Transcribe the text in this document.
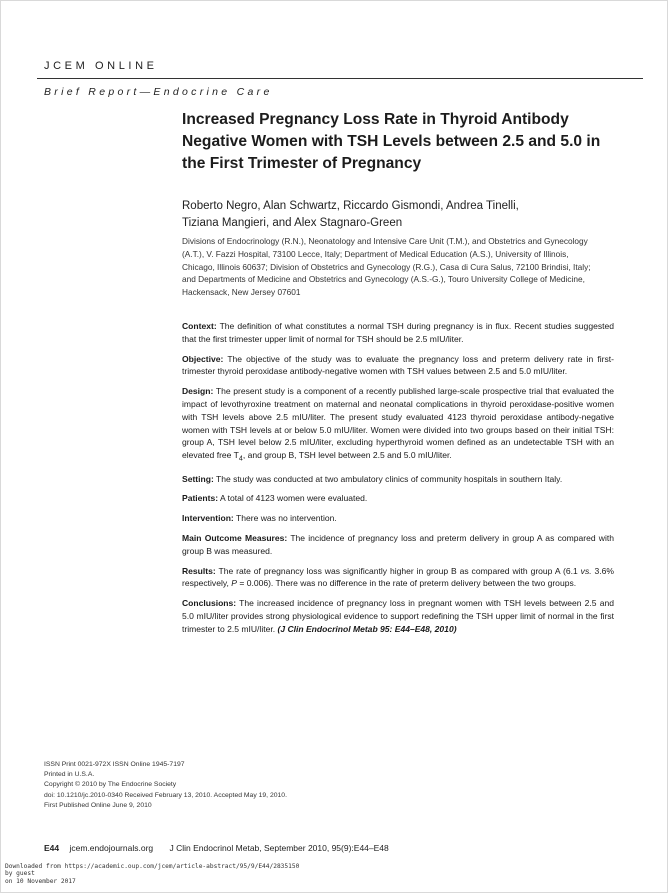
JCEM ONLINE
Brief Report—Endocrine Care
Increased Pregnancy Loss Rate in Thyroid Antibody Negative Women with TSH Levels between 2.5 and 5.0 in the First Trimester of Pregnancy
Roberto Negro, Alan Schwartz, Riccardo Gismondi, Andrea Tinelli,
Tiziana Mangieri, and Alex Stagnaro-Green
Divisions of Endocrinology (R.N.), Neonatology and Intensive Care Unit (T.M.), and Obstetrics and Gynecology (A.T.), V. Fazzi Hospital, 73100 Lecce, Italy; Department of Medical Education (A.S.), University of Illinois, Chicago, Illinois 60637; Division of Obstetrics and Gynecology (R.G.), Casa di Cura Salus, 72100 Brindisi, Italy; and Departments of Medicine and Obstetrics and Gynecology (A.S.-G.), Touro University College of Medicine, Hackensack, New Jersey 07601

Context: The definition of what constitutes a normal TSH during pregnancy is in flux. Recent studies suggested that the first trimester upper limit of normal for TSH should be 2.5 mIU/liter.

Objective: The objective of the study was to evaluate the pregnancy loss and preterm delivery rate in first-trimester thyroid peroxidase antibody-negative women with TSH values between 2.5 and 5.0 mIU/liter.

Design: The present study is a component of a recently published large-scale prospective trial that evaluated the impact of levothyroxine treatment on maternal and neonatal complications in thyroid peroxidase-positive women with TSH levels above 2.5 mIU/liter. The present study evaluated 4123 thyroid peroxidase antibody-negative women with TSH levels at or below 5.0 mIU/liter. Women were divided into two groups based on their initial TSH: group A, TSH level below 2.5 mIU/liter, excluding hyperthyroid women defined as an undetectable TSH with an elevated free $T_4$, and group B, TSH level between 2.5 and 5.0 mIU/liter.

Setting: The study was conducted at two ambulatory clinics of community hospitals in southern Italy.

Patients: A total of 4123 women were evaluated.

Intervention: There was no intervention.

Main Outcome Measures: The incidence of pregnancy loss and preterm delivery in group A as compared with group B was measured.

Results: The rate of pregnancy loss was significantly higher in group B as compared with group A (6.1 vs. 3.6% respectively, P = 0.006). There was no difference in the rate of preterm delivery between the two groups.

Conclusions: The increased incidence of pregnancy loss in pregnant women with TSH levels between 2.5 and 5.0 mIU/liter provides strong physiological evidence to support redefining the TSH upper limit of normal in the first trimester to 2.5 mIU/liter. (J Clin Endocrinol Metab 95: E44–E48, 2010)

ISSN Print 0021-972X ISSN Online 1945-7197
Printed in U.S.A.
Copyright © 2010 by The Endocrine Society
doi: 10.1210/jc.2010-0340 Received February 13, 2010. Accepted May 19, 2010.
First Published Online June 9, 2010
E44 jcem.endojournals.org J Clin Endocrinol Metab, September 2010, 95(9):E44–E48
Downloaded from https://academic.oup.com/jcem/article-abstract/95/9/E44/2835150
by guest
on 10 November 2017
